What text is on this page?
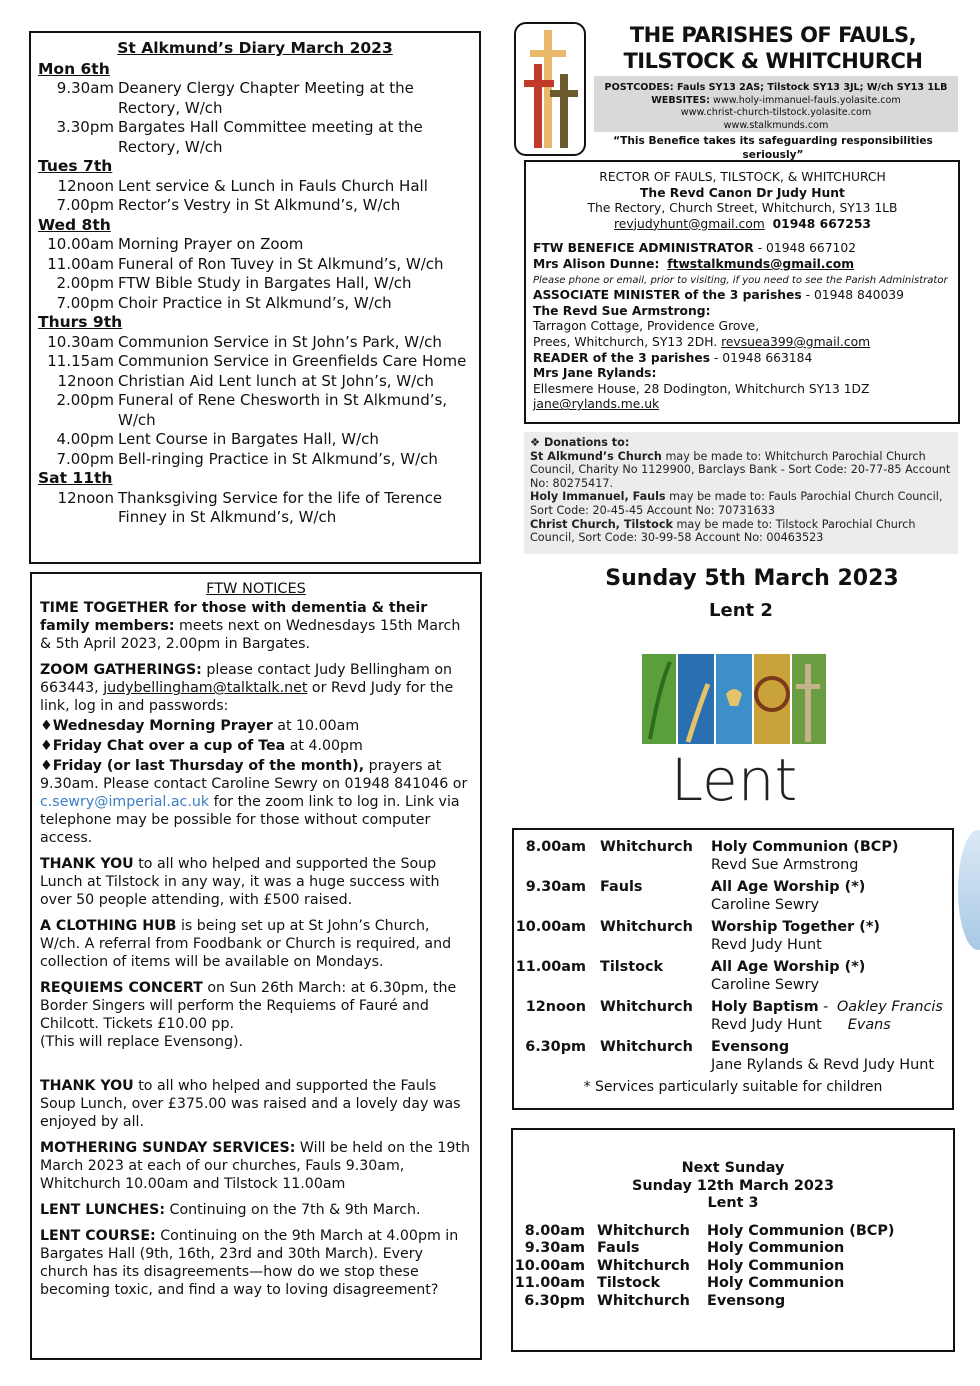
St Alkmund’s Diary March 2023
Mon 6th
9.30am Deanery Clergy Chapter Meeting at the Rectory, W/ch
3.30pm Bargates Hall Committee meeting at the Rectory, W/ch
Tues 7th
12noon Lent service & Lunch in Fauls Church Hall
7.00pm Rector’s Vestry in St Alkmund’s, W/ch
Wed 8th
10.00am Morning Prayer on Zoom
11.00am Funeral of Ron Tuvey in St Alkmund’s, W/ch
2.00pm FTW Bible Study in Bargates Hall, W/ch
7.00pm Choir Practice in St Alkmund’s, W/ch
Thurs 9th
10.30am Communion Service in St John’s Park, W/ch
11.15am Communion Service in Greenfields Care Home
12noon Christian Aid Lent lunch at St John’s, W/ch
2.00pm Funeral of Rene Chesworth in St Alkmund’s, W/ch
4.00pm Lent Course in Bargates Hall, W/ch
7.00pm Bell-ringing Practice in St Alkmund’s, W/ch
Sat 11th
12noon Thanksgiving Service for the life of Terence Finney in St Alkmund’s, W/ch
FTW NOTICES

TIME TOGETHER for those with dementia & their family members: meets next on Wednesdays 15th March & 5th April 2023, 2.00pm in Bargates.

ZOOM GATHERINGS: please contact Judy Bellingham on 663443, judybellingham@talktalk.net or Revd Judy for the link, log in and passwords:
♦Wednesday Morning Prayer at 10.00am
♦Friday Chat over a cup of Tea at 4.00pm

♦Friday (or last Thursday of the month), prayers at 9.30am. Please contact Caroline Sewry on 01948 841046 or c.sewry@imperial.ac.uk for the zoom link to log in. Link via telephone may be possible for those without computer access.

THANK YOU to all who helped and supported the Soup Lunch at Tilstock in any way, it was a huge success with over 50 people attending, with £500 raised.

A CLOTHING HUB is being set up at St John’s Church, W/ch. A referral from Foodbank or Church is required, and collection of items will be available on Mondays.

REQUIEMS CONCERT on Sun 26th March: at 6.30pm, the Border Singers will perform the Requiems of Fauré and Chilcott. Tickets £10.00 pp.
(This will replace Evensong).

THANK YOU to all who helped and supported the Fauls Soup Lunch, over £375.00 was raised and a lovely day was enjoyed by all.

MOTHERING SUNDAY SERVICES: Will be held on the 19th March 2023 at each of our churches, Fauls 9.30am, Whitchurch 10.00am and Tilstock 11.00am

LENT LUNCHES: Continuing on the 7th & 9th March.

LENT COURSE: Continuing on the 9th March at 4.00pm in Bargates Hall (9th, 16th, 23rd and 30th March). Every church has its disagreements—how do we stop these becoming toxic, and find a way to loving disagreement?

THE PARISHES OF FAULS,
TILSTOCK & WHITCHURCH
POSTCODES: Fauls SY13 2AS; Tilstock SY13 3JL; W/ch SY13 1LB
WEBSITES: www.holy-immanuel-fauls.yolasite.com
www.christ-church-tilstock.yolasite.com
www.stalkmunds.com
“This Benefice takes its safeguarding responsibilities seriously”
RECTOR OF FAULS, TILSTOCK, & WHITCHURCH
The Revd Canon Dr Judy Hunt
The Rectory, Church Street, Whitchurch, SY13 1LB
revjudyhunt@gmail.com 01948 667253
FTW BENEFICE ADMINISTRATOR - 01948 667102
Mrs Alison Dunne: ftwstalkmunds@gmail.com
Please phone or email, prior to visiting, if you need to see the Parish Administrator
ASSOCIATE MINISTER of the 3 parishes - 01948 840039
The Revd Sue Armstrong:
Tarragon Cottage, Providence Grove,
Prees, Whitchurch, SY13 2DH. revsuea399@gmail.com
READER of the 3 parishes - 01948 663184
Mrs Jane Rylands:
Ellesmere House, 28 Dodington, Whitchurch SY13 1DZ
jane@rylands.me.uk
❖ Donations to:
St Alkmund’s Church may be made to: Whitchurch Parochial Church Council, Charity No 1129900, Barclays Bank - Sort Code: 20-77-85 Account No: 80275417.
Holy Immanuel, Fauls may be made to: Fauls Parochial Church Council, Sort Code: 20-45-45 Account No: 70731633
Christ Church, Tilstock may be made to: Tilstock Parochial Church Council, Sort Code: 30-99-58 Account No: 00463523
Sunday 5th March 2023
Lent 2
Lent
8.00am Whitchurch	Holy Communion (BCP)
Revd Sue Armstrong
9.30am Fauls	All Age Worship (*)
Caroline Sewry
10.00am Whitchurch	Worship Together (*)
Revd Judy Hunt
11.00am Tilstock	All Age Worship (*)
Caroline Sewry
12noon Whitchurch	Holy Baptism - Oakley Francis
Revd Judy Hunt Evans
6.30pm Whitchurch	Evensong
Jane Rylands & Revd Judy Hunt
* Services particularly suitable for children
Next Sunday
Sunday 12th March 2023
Lent 3
8.00am Whitchurch	Holy Communion (BCP)
9.30am Fauls	Holy Communion
10.00am Whitchurch	Holy Communion
11.00am Tilstock	Holy Communion
6.30pm Whitchurch	Evensong
